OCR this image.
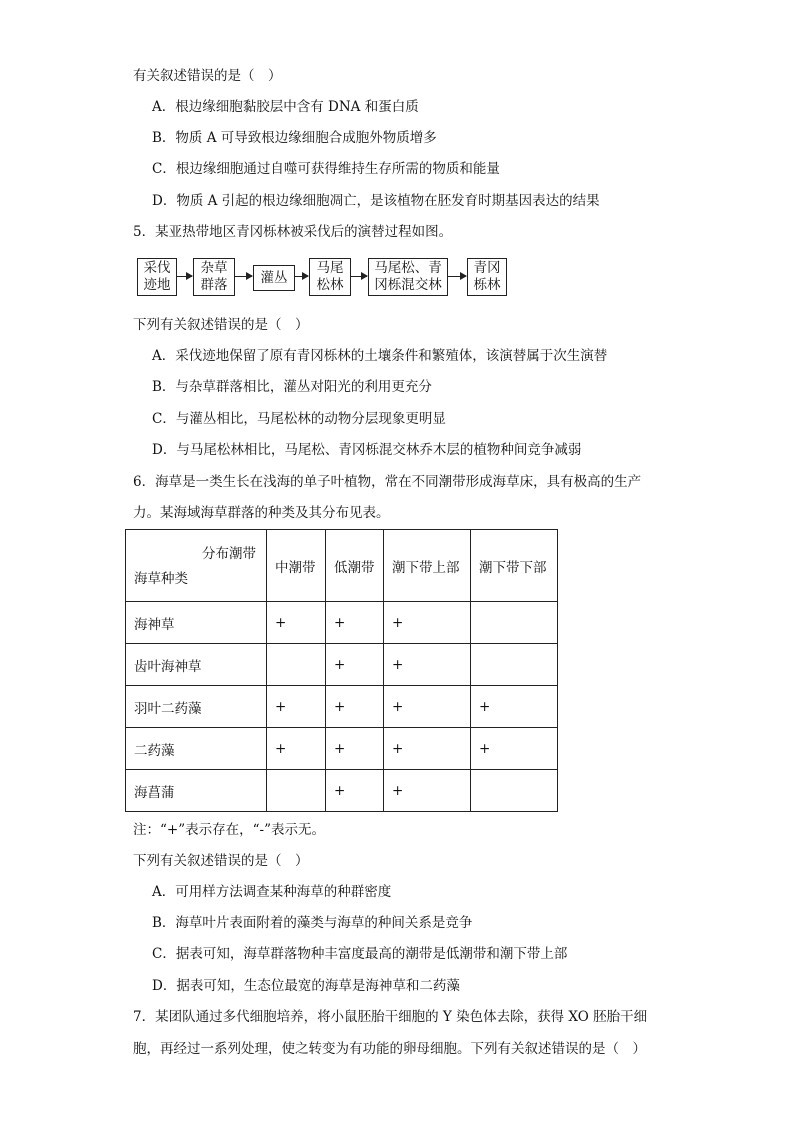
有关叙述错误的是（　）
A．根边缘细胞黏胶层中含有 DNA 和蛋白质
B．物质 A 可导致根边缘细胞合成胞外物质增多
C．根边缘细胞通过自噬可获得维持生存所需的物质和能量
D．物质 A 引起的根边缘细胞凋亡，是该植物在胚发育时期基因表达的结果
5．某亚热带地区青冈栎林被采伐后的演替过程如图。
采伐
迹地
杂草
群落 灌丛
马尾
松林
马尾松、青
冈栎混交林
青冈
栎林
下列有关叙述错误的是（　）
A．采伐迹地保留了原有青冈栎林的土壤条件和繁殖体，该演替属于次生演替
B．与杂草群落相比，灌丛对阳光的利用更充分
C．与灌丛相比，马尾松林的动物分层现象更明显
D．与马尾松林相比，马尾松、青冈栎混交林乔木层的植物种间竞争减弱
6．海草是一类生长在浅海的单子叶植物，常在不同潮带形成海草床，具有极高的生产
力。某海域海草群落的种类及其分布见表。
分布潮带
海草种类	中潮带	低潮带	潮下带上部	潮下带下部
海神草	+	+	+	
齿叶海神草		+	+	
羽叶二药藻	+	+	+	+
二药藻	+	+	+	+
海菖蒲		+	+	
注：“+”表示存在，“-”表示无。
下列有关叙述错误的是（　）
A．可用样方法调查某种海草的种群密度
B．海草叶片表面附着的藻类与海草的种间关系是竞争
C．据表可知，海草群落物种丰富度最高的潮带是低潮带和潮下带上部
D．据表可知，生态位最宽的海草是海神草和二药藻
7．某团队通过多代细胞培养，将小鼠胚胎干细胞的 Y 染色体去除，获得 XO 胚胎干细
胞，再经过一系列处理，使之转变为有功能的卵母细胞。下列有关叙述错误的是（　）
